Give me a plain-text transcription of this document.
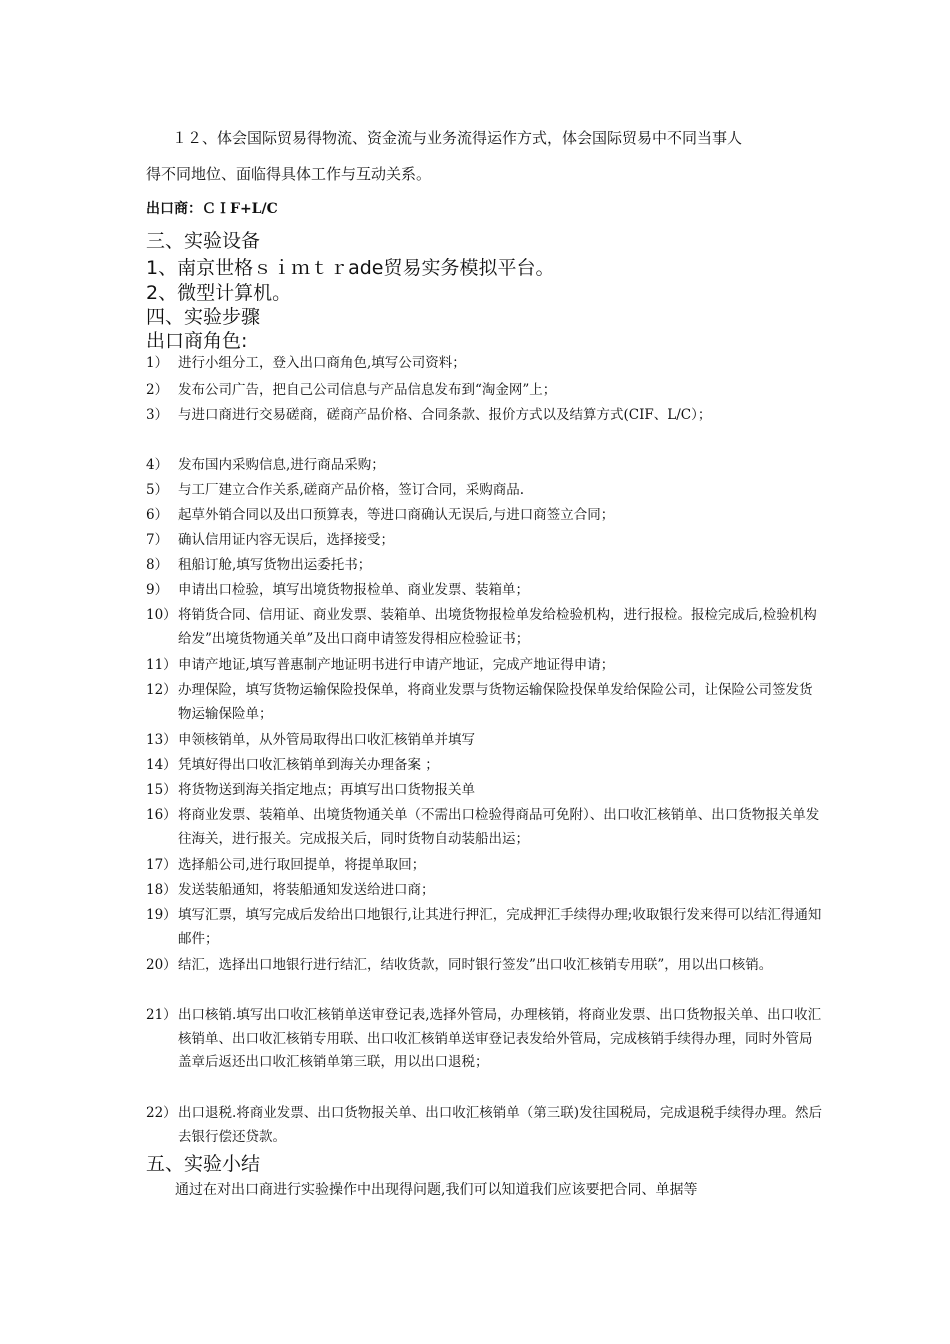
１２、体会国际贸易得物流、资金流与业务流得运作方式，体会国际贸易中不同当事人
得不同地位、面临得具体工作与互动关系。
出口商：ＣＩF+L/C
三、实验设备
1、南京世格ｓｉｍｔｒade贸易实务模拟平台。
2、微型计算机。
四、实验步骤
出口商角色:
1） 进行小组分工，登入出口商角色,填写公司资料；
2） 发布公司广告，把自己公司信息与产品信息发布到“淘金网”上；
3） 与进口商进行交易磋商，磋商产品价格、合同条款、报价方式以及结算方式(CIF、L/C）；
4） 发布国内采购信息,进行商品采购；
5） 与工厂建立合作关系,磋商产品价格，签订合同，采购商品.
6） 起草外销合同以及出口预算表，等进口商确认无误后,与进口商签立合同；
7） 确认信用证内容无误后，选择接受；
8） 租船订舱,填写货物出运委托书；
9） 申请出口检验，填写出境货物报检单、商业发票、装箱单；
10） 将销货合同、信用证、商业发票、装箱单、出境货物报检单发给检验机构，进行报检。报检完成后,检验机构给发”出境货物通关单”及出口商申请签发得相应检验证书；
11） 申请产地证,填写普惠制产地证明书进行申请产地证，完成产地证得申请；
12） 办理保险，填写货物运输保险投保单，将商业发票与货物运输保险投保单发给保险公司，让保险公司签发货物运输保险单；
13） 申领核销单，从外管局取得出口收汇核销单并填写
14） 凭填好得出口收汇核销单到海关办理备案 ；
15） 将货物送到海关指定地点；再填写出口货物报关单
16） 将商业发票、装箱单、出境货物通关单（不需出口检验得商品可免附）、出口收汇核销单、出口货物报关单发往海关，进行报关。完成报关后，同时货物自动装船出运；
17） 选择船公司,进行取回提单，将提单取回；
18） 发送装船通知，将装船通知发送给进口商；
19） 填写汇票，填写完成后发给出口地银行,让其进行押汇，完成押汇手续得办理;收取银行发来得可以结汇得通知邮件；
20） 结汇，选择出口地银行进行结汇，结收货款，同时银行签发”出口收汇核销专用联”，用以出口核销。
21） 出口核销.填写出口收汇核销单送审登记表,选择外管局，办理核销，将商业发票、出口货物报关单、出口收汇核销单、出口收汇核销专用联、出口收汇核销单送审登记表发给外管局，完成核销手续得办理，同时外管局盖章后返还出口收汇核销单第三联，用以出口退税；
22） 出口退税.将商业发票、出口货物报关单、出口收汇核销单（第三联)发往国税局，完成退税手续得办理。然后去银行偿还贷款。
五、实验小结
通过在对出口商进行实验操作中出现得问题,我们可以知道我们应该要把合同、单据等
